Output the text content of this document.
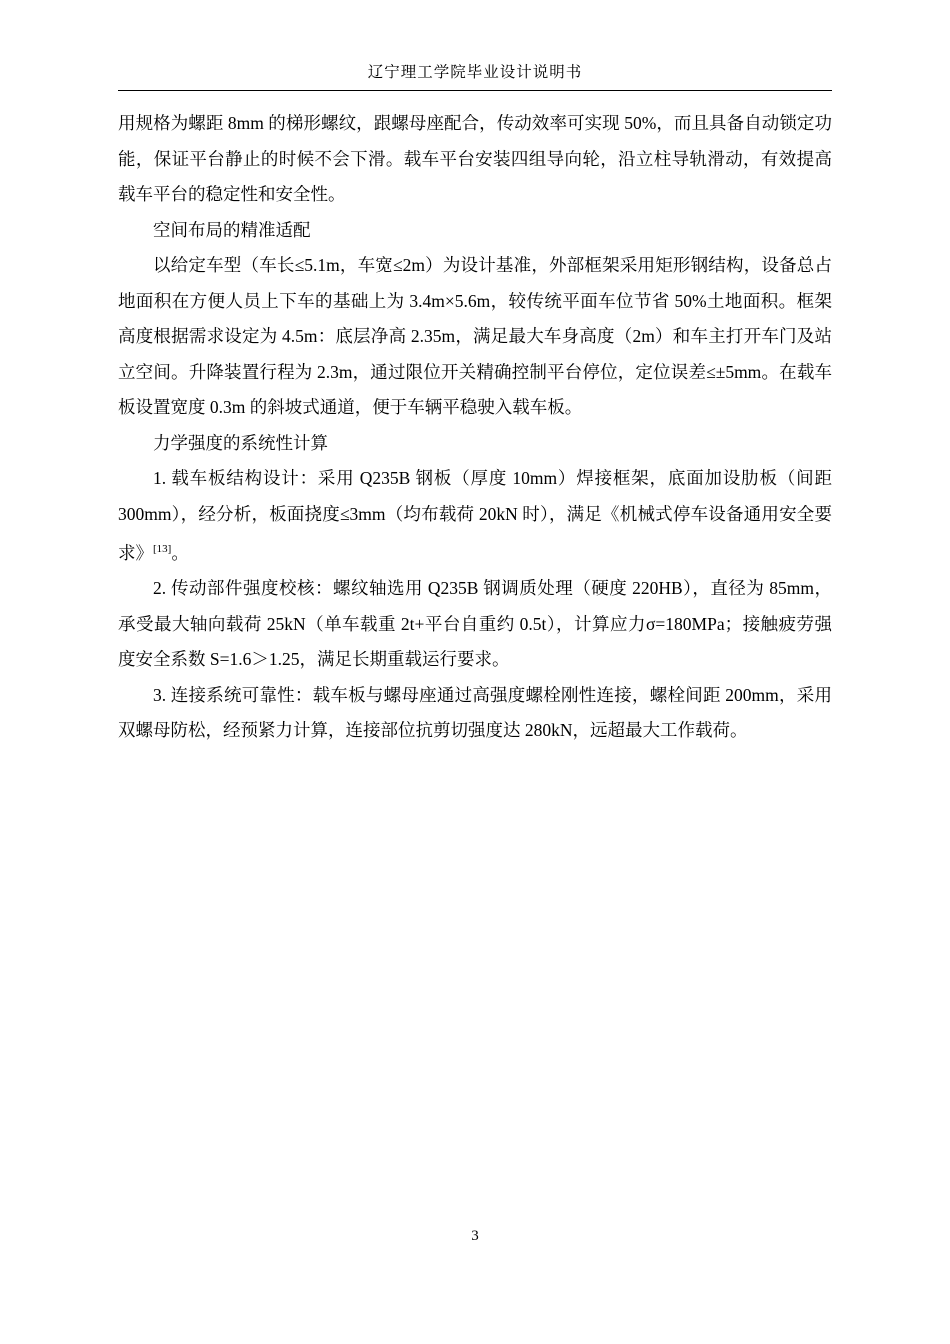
辽宁理工学院毕业设计说明书

用规格为螺距 8mm 的梯形螺纹，跟螺母座配合，传动效率可实现 50%，而且具备自动锁定功能，保证平台静止的时候不会下滑。载车平台安装四组导向轮，沿立柱导轨滑动，有效提高载车平台的稳定性和安全性。

空间布局的精准适配

以给定车型（车长≤5.1m，车宽≤2m）为设计基准，外部框架采用矩形钢结构，设备总占地面积在方便人员上下车的基础上为 3.4m×5.6m，较传统平面车位节省 50%土地面积。框架高度根据需求设定为 4.5m：底层净高 2.35m，满足最大车身高度（2m）和车主打开车门及站立空间。升降装置行程为 2.3m，通过限位开关精确控制平台停位，定位误差≤±5mm。在载车板设置宽度 0.3m 的斜坡式通道，便于车辆平稳驶入载车板。

力学强度的系统性计算

1. 载车板结构设计：采用 Q235B 钢板（厚度 10mm）焊接框架，底面加设肋板（间距 300mm），经分析，板面挠度≤3mm（均布载荷 20kN 时），满足《机械式停车设备通用安全要求》[13]。

2. 传动部件强度校核：螺纹轴选用 Q235B 钢调质处理（硬度 220HB），直径为 85mm，承受最大轴向载荷 25kN（单车载重 2t+平台自重约 0.5t），计算应力σ=180MPa；接触疲劳强度安全系数 S=1.6＞1.25，满足长期重载运行要求。

3. 连接系统可靠性：载车板与螺母座通过高强度螺栓刚性连接，螺栓间距 200mm，采用双螺母防松，经预紧力计算，连接部位抗剪切强度达 280kN，远超最大工作载荷。

3
